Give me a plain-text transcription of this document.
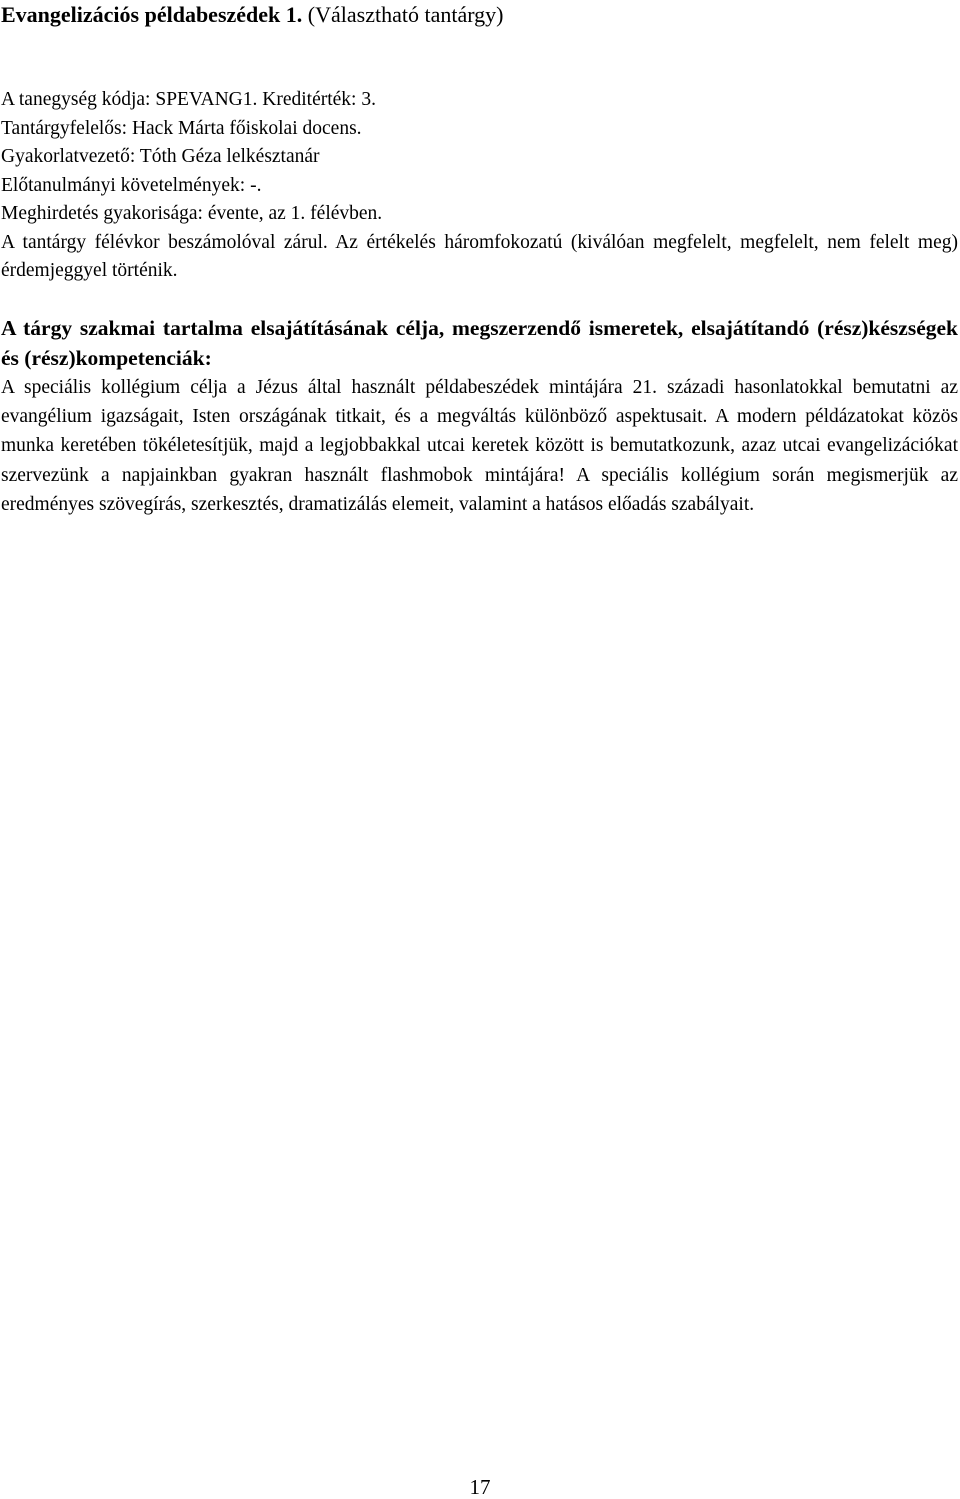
Evangelizációs példabeszédek 1. (Választható tantárgy)
A tanegység kódja: SPEVANG1. Kreditérték: 3.
Tantárgyfelelős: Hack Márta főiskolai docens.
Gyakorlatvezető: Tóth Géza lelkésztanár
Előtanulmányi követelmények: -.
Meghirdetés gyakorisága: évente, az 1. félévben.
A tantárgy félévkor beszámolóval zárul. Az értékelés háromfokozatú (kiválóan megfelelt, megfelelt, nem felelt meg) érdemjeggyel történik.

A tárgy szakmai tartalma elsajátításának célja, megszerzendő ismeretek, elsajátítandó (rész)készségek és (rész)kompetenciák:

A speciális kollégium célja a Jézus által használt példabeszédek mintájára 21. századi hasonlatokkal bemutatni az evangélium igazságait, Isten országának titkait, és a megváltás különböző aspektusait. A modern példázatokat közös munka keretében tökéletesítjük, majd a legjobbakkal utcai keretek között is bemutatkozunk, azaz utcai evangelizációkat szervezünk a napjainkban gyakran használt flashmobok mintájára! A speciális kollégium során megismerjük az eredményes szövegírás, szerkesztés, dramatizálás elemeit, valamint a hatásos előadás szabályait.

17
